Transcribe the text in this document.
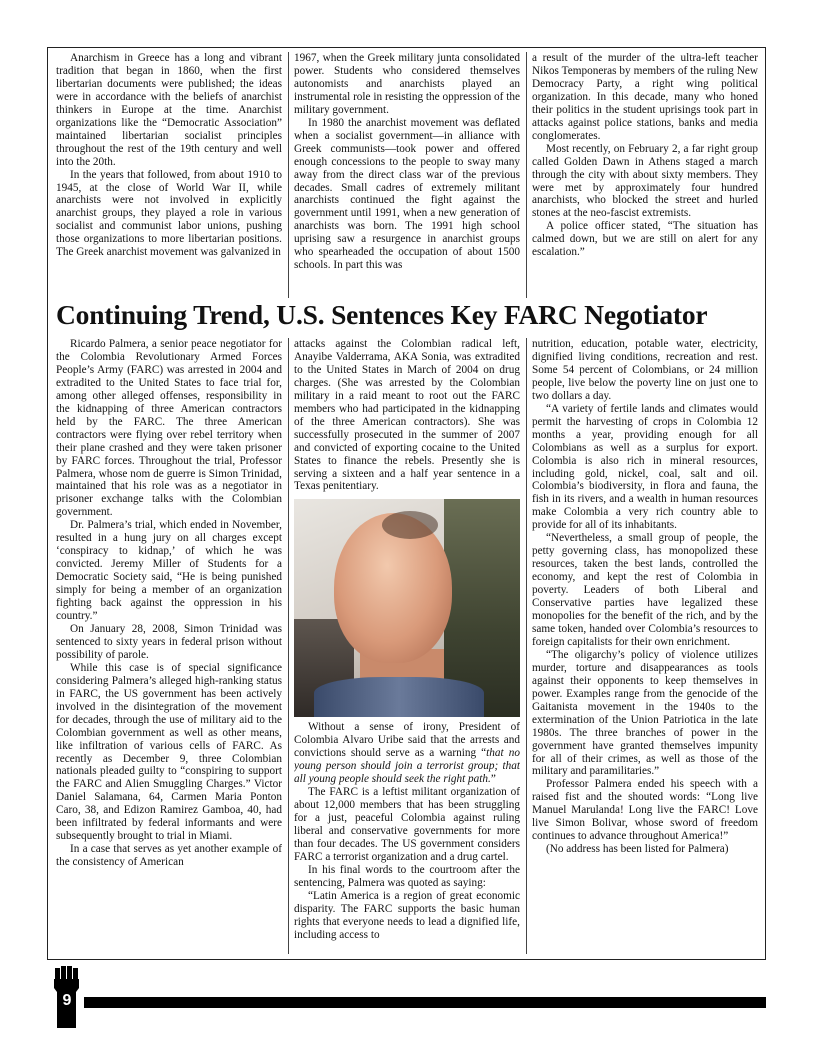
Anarchism in Greece has a long and vibrant tradition that began in 1860, when the first libertarian documents were published; the ideas were in accordance with the beliefs of anarchist thinkers in Europe at the time. Anarchist organizations like the “Democratic Association” maintained libertarian socialist principles throughout the rest of the 19th century and well into the 20th.

In the years that followed, from about 1910 to 1945, at the close of World War II, while anarchists were not involved in explicitly anarchist groups, they played a role in various socialist and communist labor unions, pushing those organizations to more libertarian positions. The Greek anarchist movement was galvanized in

1967, when the Greek military junta consolidated power. Students who considered themselves autonomists and anarchists played an instrumental role in resisting the oppression of the military government.

In 1980 the anarchist movement was deflated when a socialist government—in alliance with Greek communists—took power and offered enough concessions to the people to sway many away from the direct class war of the previous decades. Small cadres of extremely militant anarchists continued the fight against the government until 1991, when a new generation of anarchists was born. The 1991 high school uprising saw a resurgence in anarchist groups who spearheaded the occupation of about 1500 schools. In part this was

a result of the murder of the ultra-left teacher Nikos Temponeras by members of the ruling New Democracy Party, a right wing political organization. In this decade, many who honed their politics in the student uprisings took part in attacks against police stations, banks and media conglomerates.

Most recently, on February 2, a far right group called Golden Dawn in Athens staged a march through the city with about sixty members. They were met by approximately four hundred anarchists, who blocked the street and hurled stones at the neo-fascist extremists.

A police officer stated, “The situation has calmed down, but we are still on alert for any escalation.”

Continuing Trend, U.S. Sentences Key FARC Negotiator

Ricardo Palmera, a senior peace negotiator for the Colombia Revolutionary Armed Forces People’s Army (FARC) was arrested in 2004 and extradited to the United States to face trial for, among other alleged offenses, responsibility in the kidnapping of three American contractors held by the FARC. The three American contractors were flying over rebel territory when their plane crashed and they were taken prisoner by FARC forces. Throughout the trial, Professor Palmera, whose nom de guerre is Simon Trinidad, maintained that his role was as a negotiator in prisoner exchange talks with the Colombian government.

Dr. Palmera’s trial, which ended in November, resulted in a hung jury on all charges except ‘conspiracy to kidnap,’ of which he was convicted. Jeremy Miller of Students for a Democratic Society said, “He is being punished simply for being a member of an organization fighting back against the oppression in his country.”

On January 28, 2008, Simon Trinidad was sentenced to sixty years in federal prison without possibility of parole.

While this case is of special significance considering Palmera’s alleged high-ranking status in FARC, the US government has been actively involved in the disintegration of the movement for decades, through the use of military aid to the Colombian government as well as other means, like infiltration of various cells of FARC. As recently as December 9, three Colombian nationals pleaded guilty to “conspiring to support the FARC and Alien Smuggling Charges.” Victor Daniel Salamana, 64, Carmen Maria Ponton Caro, 38, and Edizon Ramirez Gamboa, 40, had been infiltrated by federal informants and were subsequently brought to trial in Miami.

In a case that serves as yet another example of the consistency of American

attacks against the Colombian radical left, Anayibe Valderrama, AKA Sonia, was extradited to the United States in March of 2004 on drug charges. (She was arrested by the Colombian military in a raid meant to root out the FARC members who had participated in the kidnapping of the three American contractors). She was successfully prosecuted in the summer of 2007 and convicted of exporting cocaine to the United States to finance the rebels. Presently she is serving a sixteen and a half year sentence in a Texas penitentiary.

Without a sense of irony, President of Colombia Alvaro Uribe said that the arrests and convictions should serve as a warning “that no young person should join a terrorist group; that all young people should seek the right path.”

The FARC is a leftist militant organization of about 12,000 members that has been struggling for a just, peaceful Colombia against ruling liberal and conservative governments for more than four decades. The US government considers FARC a terrorist organization and a drug cartel.

In his final words to the courtroom after the sentencing, Palmera was quoted as saying:

“Latin America is a region of great economic disparity. The FARC supports the basic human rights that everyone needs to lead a dignified life, including access to

nutrition, education, potable water, electricity, dignified living conditions, recreation and rest. Some 54 percent of Colombians, or 24 million people, live below the poverty line on just one to two dollars a day.

“A variety of fertile lands and climates would permit the harvesting of crops in Colombia 12 months a year, providing enough for all Colombians as well as a surplus for export. Colombia is also rich in mineral resources, including gold, nickel, coal, salt and oil. Colombia’s biodiversity, in flora and fauna, the fish in its rivers, and a wealth in human resources make Colombia a very rich country able to provide for all of its inhabitants.

“Nevertheless, a small group of people, the petty governing class, has monopolized these resources, taken the best lands, controlled the economy, and kept the rest of Colombia in poverty. Leaders of both Liberal and Conservative parties have legalized these monopolies for the benefit of the rich, and by the same token, handed over Colombia’s resources to foreign capitalists for their own enrichment.

“The oligarchy’s policy of violence utilizes murder, torture and disappearances as tools against their opponents to keep themselves in power. Examples range from the genocide of the Gaitanista movement in the 1940s to the extermination of the Union Patriotica in the late 1980s. The three branches of power in the government have granted themselves impunity for all of their crimes, as well as those of the military and paramilitaries.”

Professor Palmera ended his speech with a raised fist and the shouted words: “Long live Manuel Marulanda! Long live the FARC! Love live Simon Bolivar, whose sword of freedom continues to advance throughout America!”

(No address has been listed for Palmera)

9
